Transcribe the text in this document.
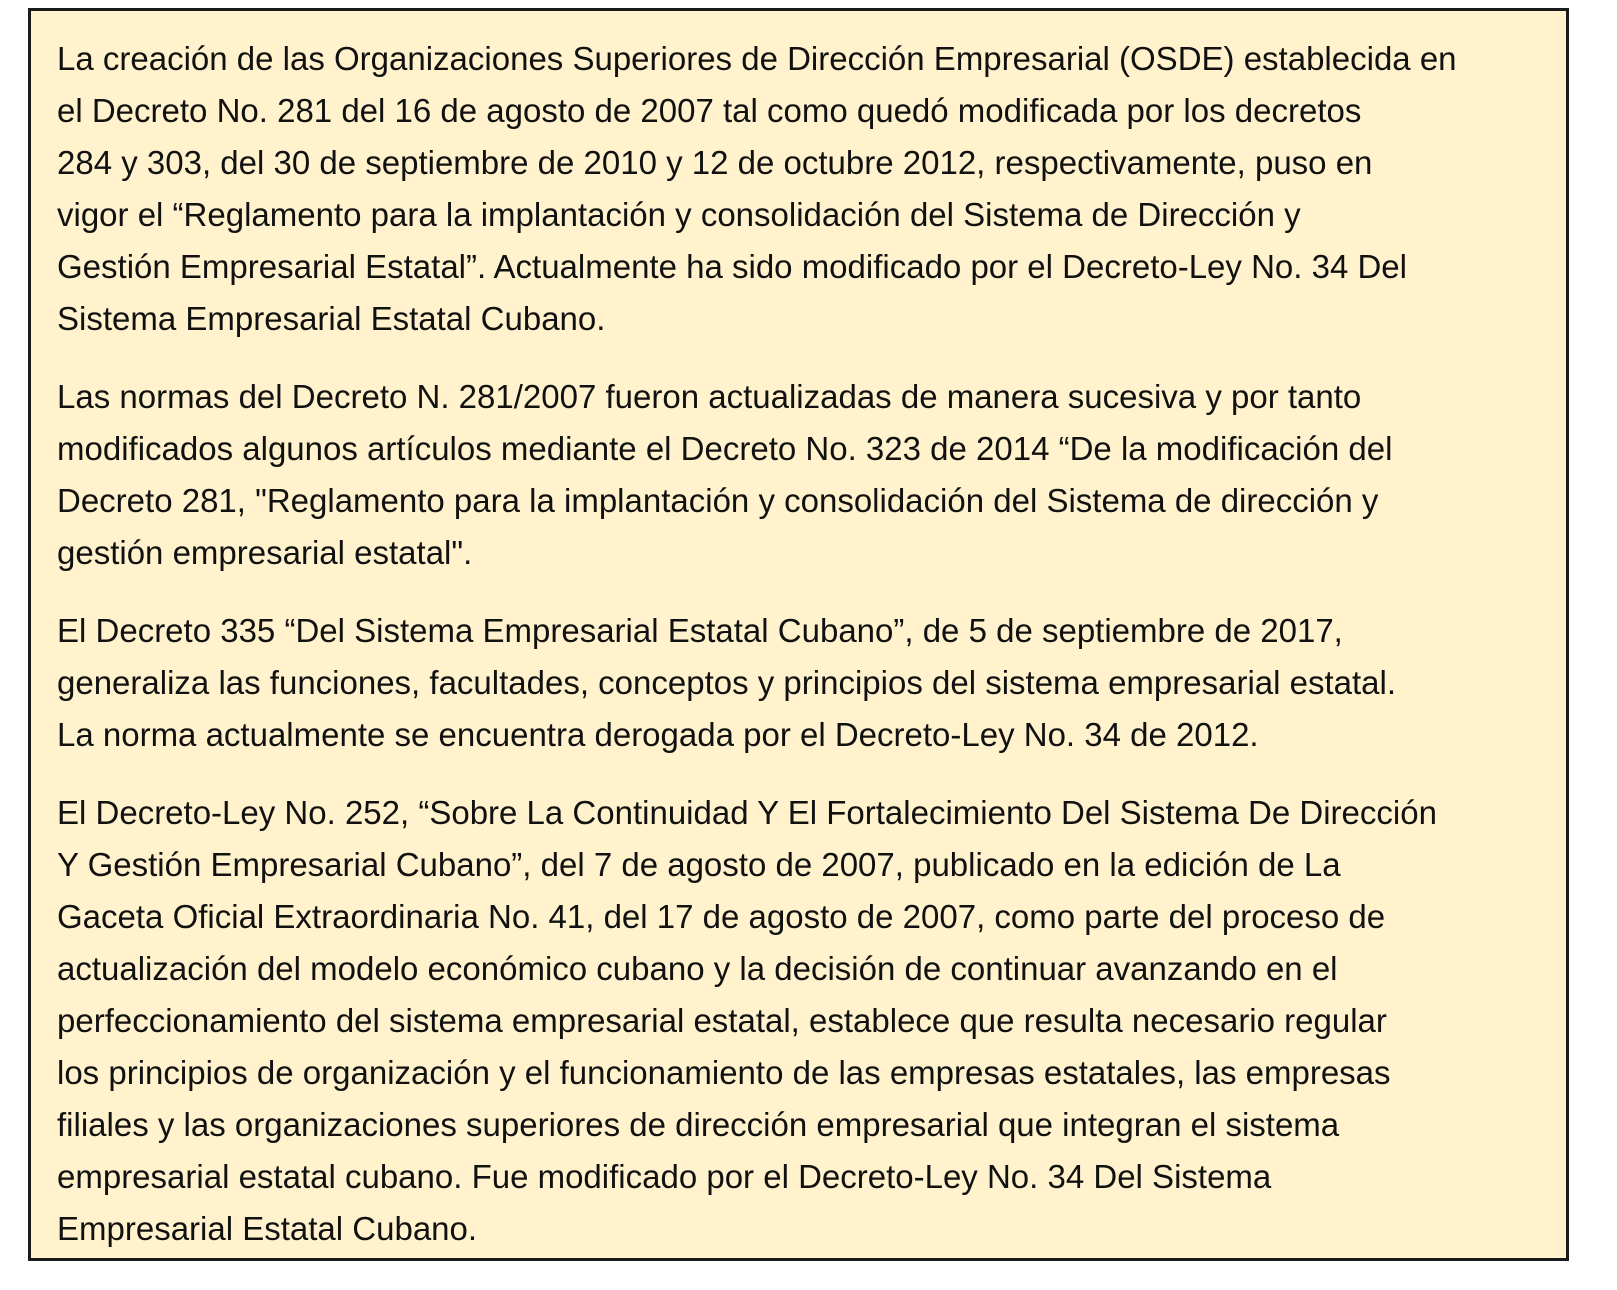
La creación de las Organizaciones Superiores de Dirección Empresarial (OSDE) establecida en
el Decreto No. 281 del 16 de agosto de 2007 tal como quedó modificada por los decretos
284 y 303, del 30 de septiembre de 2010 y 12 de octubre 2012, respectivamente, puso en
vigor el “Reglamento para la implantación y consolidación del Sistema de Dirección y
Gestión Empresarial Estatal”. Actualmente ha sido modificado por el Decreto-Ley No. 34 Del
Sistema Empresarial Estatal Cubano.

Las normas del Decreto N. 281/2007 fueron actualizadas de manera sucesiva y por tanto
modificados algunos artículos mediante el Decreto No. 323 de 2014 “De la modificación del
Decreto 281, "Reglamento para la implantación y consolidación del Sistema de dirección y
gestión empresarial estatal".

El Decreto 335 “Del Sistema Empresarial Estatal Cubano”, de 5 de septiembre de 2017,
generaliza las funciones, facultades, conceptos y principios del sistema empresarial estatal.
La norma actualmente se encuentra derogada por el Decreto-Ley No. 34 de 2012.

El Decreto-Ley No. 252, “Sobre La Continuidad Y El Fortalecimiento Del Sistema De Dirección
Y Gestión Empresarial Cubano”, del 7 de agosto de 2007, publicado en la edición de La
Gaceta Oficial Extraordinaria No. 41, del 17 de agosto de 2007, como parte del proceso de
actualización del modelo económico cubano y la decisión de continuar avanzando en el
perfeccionamiento del sistema empresarial estatal, establece que resulta necesario regular
los principios de organización y el funcionamiento de las empresas estatales, las empresas
filiales y las organizaciones superiores de dirección empresarial que integran el sistema
empresarial estatal cubano. Fue modificado por el Decreto-Ley No. 34 Del Sistema
Empresarial Estatal Cubano.
